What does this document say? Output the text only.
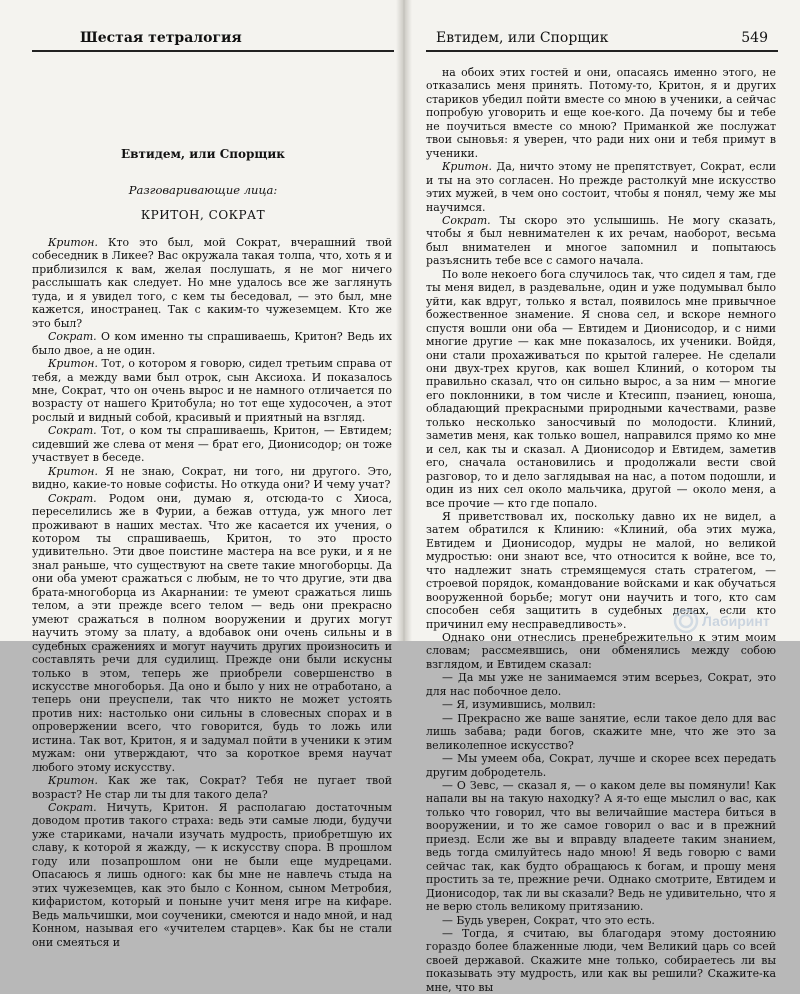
Шестая тетралогия
Евтидем, или Спорщик
Разговаривающие лица:
КРИТОН, СОКРАТ

Критон. Кто это был, мой Сократ, вчерашний твой собеседник в Ликее? Вас окружала такая толпа, что, хоть я и приблизился к вам, желая послушать, я не мог ничего расслышать как следует. Но мне удалось все же заглянуть туда, и я увидел того, с кем ты беседовал, — это был, мне кажется, иностранец. Так с каким-то чужеземцем. Кто же это был?

Сократ. О ком именно ты спрашиваешь, Критон? Ведь их было двое, а не один.

Критон. Тот, о котором я говорю, сидел третьим справа от тебя, а между вами был отрок, сын Аксиоха. И показалось мне, Сократ, что он очень вырос и не намного отличается по возрасту от нашего Критобула; но тот еще худосочен, а этот рослый и видный собой, красивый и приятный на взгляд.

Сократ. Тот, о ком ты спрашиваешь, Критон, — Евтидем; сидевший же слева от меня — брат его, Дионисодор; он тоже участвует в беседе.

Критон. Я не знаю, Сократ, ни того, ни другого. Это, видно, какие-то новые софисты. Но откуда они? И чему учат?

Сократ. Родом они, думаю я, отсюда-то с Хиоса, переселились же в Фурии, а бежав оттуда, уж много лет проживают в наших местах. Что же касается их учения, о котором ты спрашиваешь, Критон, то это просто удивительно. Эти двое поистине мастера на все руки, и я не знал раньше, что существуют на свете такие многоборцы. Да они оба умеют сражаться с любым, не то что другие, эти два брата-многоборца из Акарнании: те умеют сражаться лишь телом, а эти прежде всего телом — ведь они прекрасно умеют сражаться в полном вооружении и других могут научить этому за плату, а вдобавок они очень сильны и в судебных сражениях и могут научить других произносить и составлять речи для судилищ. Прежде они были искусны только в этом, теперь же приобрели совершенство в искусстве многоборья. Да оно и было у них не отработано, а теперь они преуспели, так что никто не может устоять против них: настолько они сильны в словесных спорах и в опровержении всего, что говорится, будь то ложь или истина. Так вот, Критон, я и задумал пойти в ученики к этим мужам: они утверждают, что за короткое время научат любого этому искусству.

Критон. Как же так, Сократ? Тебя не пугает твой возраст? Не стар ли ты для такого дела?

Сократ. Ничуть, Критон. Я располагаю достаточным доводом против такого страха: ведь эти самые люди, будучи уже стариками, начали изучать мудрость, приобретшую их славу, к которой я жажду, — к искусству спора. В прошлом году или позапрошлом они не были еще мудрецами. Опасаюсь я лишь одного: как бы мне не навлечь стыда на этих чужеземцев, как это было с Конном, сыном Метробия, кифаристом, который и поныне учит меня игре на кифаре. Ведь мальчишки, мои соученики, смеются и надо мной, и над Конном, называя его «учителем старцев». Как бы не стали они смеяться и

Евтидем, или Спорщик	549

на обоих этих гостей и они, опасаясь именно этого, не отказались меня принять. Потому-то, Критон, я и других стариков убедил пойти вместе со мною в ученики, а сейчас попробую уговорить и еще кое-кого. Да почему бы и тебе не поучиться вместе со мною? Приманкой же послужат твои сыновья: я уверен, что ради них они и тебя примут в ученики.

Критон. Да, ничто этому не препятствует, Сократ, если и ты на это согласен. Но прежде растолкуй мне искусство этих мужей, в чем оно состоит, чтобы я понял, чему же мы научимся.

Сократ. Ты скоро это услышишь. Не могу сказать, чтобы я был невнимателен к их речам, наоборот, весьма был внимателен и многое запомнил и попытаюсь разъяснить тебе все с самого начала.

По воле некоего бога случилось так, что сидел я там, где ты меня видел, в раздевальне, один и уже подумывал было уйти, как вдруг, только я встал, появилось мне привычное божественное знамение. Я снова сел, и вскоре немного спустя вошли они оба — Евтидем и Дионисодор, и с ними многие другие — как мне показалось, их ученики. Войдя, они стали прохаживаться по крытой галерее. Не сделали они двух-трех кругов, как вошел Клиний, о котором ты правильно сказал, что он сильно вырос, а за ним — многие его поклонники, в том числе и Ктесипп, пэаниец, юноша, обладающий прекрасными природными качествами, разве только несколько заносчивый по молодости. Клиний, заметив меня, как только вошел, направился прямо ко мне и сел, как ты и сказал. А Дионисодор и Евтидем, заметив его, сначала остановились и продолжали вести свой разговор, то и дело заглядывая на нас, а потом подошли, и один из них сел около мальчика, другой — около меня, а все прочие — кто где попало.

Я приветствовал их, поскольку давно их не видел, а затем обратился к Клинию: «Клиний, оба этих мужа, Евтидем и Дионисодор, мудры не малой, но великой мудростью: они знают все, что относится к войне, все то, что надлежит знать стремящемуся стать стратегом, — строевой порядок, командование войсками и как обучаться вооруженной борьбе; могут они научить и того, кто сам способен себя защитить в судебных делах, если кто причинил ему несправедливость».

Однако они отнеслись пренебрежительно к этим моим словам; рассмеявшись, они обменялись между собою взглядом, и Евтидем сказал:

— Да мы уже не занимаемся этим всерьез, Сократ, это для нас побочное дело.

— Я, изумившись, молвил:

— Прекрасно же ваше занятие, если такое дело для вас лишь забава; ради богов, скажите мне, что же это за великолепное искусство?

— Мы умеем оба, Сократ, лучше и скорее всех передать другим добродетель.

— О Зевс, — сказал я, — о каком деле вы помянули! Как напали вы на такую находку? А я-то еще мыслил о вас, как только что говорил, что вы величайшие мастера биться в вооружении, и то же самое говорил о вас и в прежний приезд. Если же вы и вправду владеете таким знанием, ведь тогда смилуйтесь надо мною! Я ведь говорю с вами сейчас так, как будто обращаюсь к богам, и прошу меня простить за те, прежние речи. Однако смотрите, Евтидем и Дионисодор, так ли вы сказали? Ведь не удивительно, что я не верю столь великому притязанию.

— Будь уверен, Сократ, что это есть.

— Тогда, я считаю, вы благодаря этому достоянию гораздо более блаженные люди, чем Великий царь со всей своей державой. Скажите мне только, собираетесь ли вы показывать эту мудрость, или как вы решили? Скажите-ка мне, что вы

Лабиринт
